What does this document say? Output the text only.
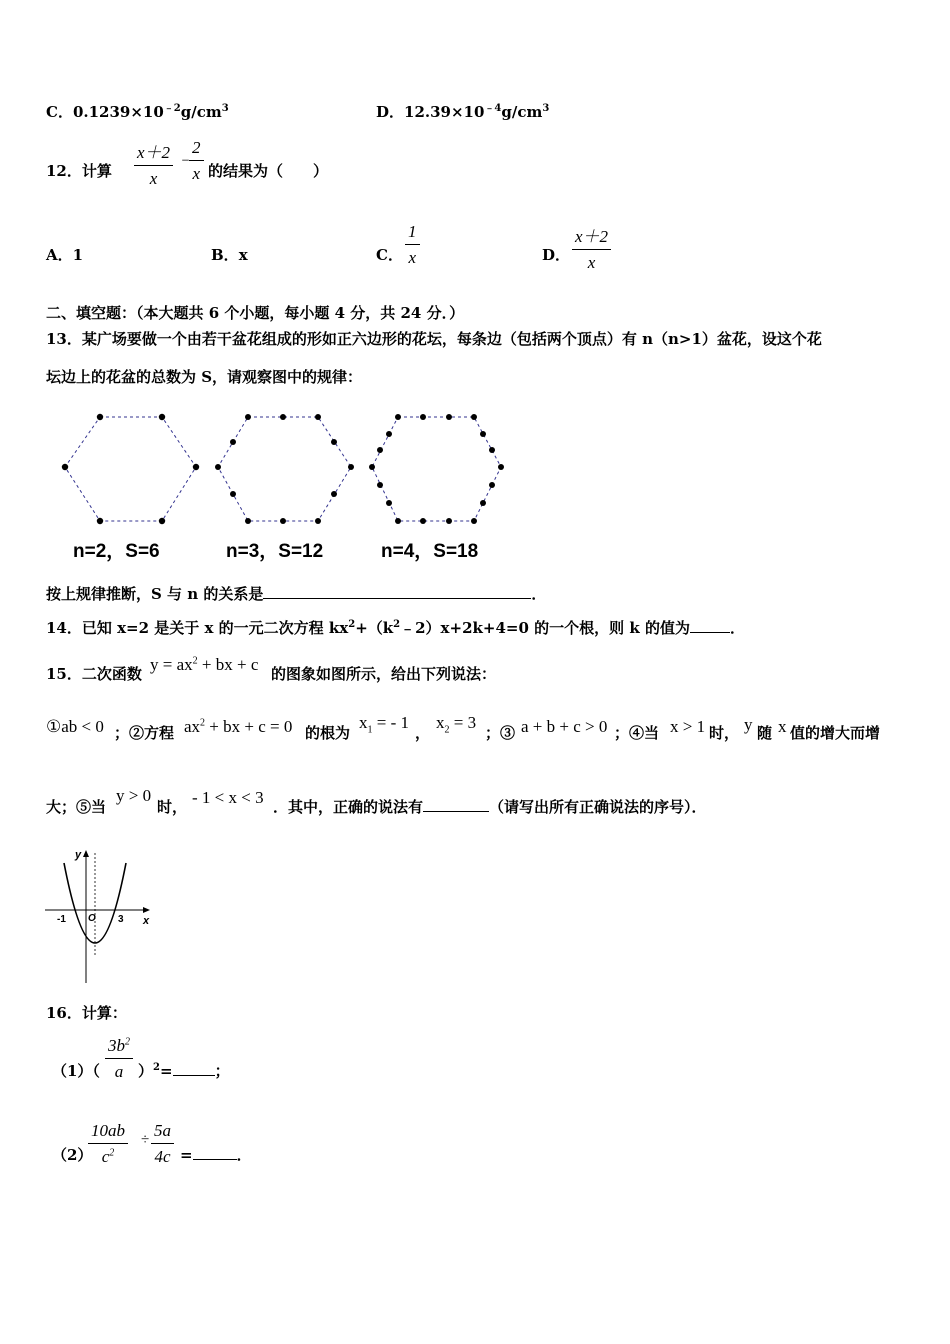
C．$0.1239\times 10^{﹣2}g/cm^3$	D．$12.39\times 10^{﹣4}g/cm^3$
12．计算 $\frac{x+2}{x}$ ﹣
$\frac{2}{x}$ 的结果为（　　）
A．1	B．x	C． $\frac{1}{x}$	D． $\frac{x+2}{x}$
二、填空题：（本大题共 6 个小题，每小题 4 分，共 24 分．）
13．某广场要做一个由若干盆花组成的形如正六边形的花坛，每条边（包括两个顶点）有 n（n>1）盆花，设这个花
坛边上的花盆的总数为 S，请观察图中的规律：
n=2，S=6	n=3，S=12	n=4，S=18
按上规律推断，S 与 n 的关系是	．
14．已知 x=2 是关于 x 的一元二次方程 $kx^2+(k^2﹣2)x+2k+4=0$ 的一个根，则 k 的值为	．
15．二次函数 $y = ax^2$ + bx + c 的图象如图所示，给出下列说法：
①ab < 0 ；②方程 $ax^2$ + bx + c = 0 的根为
$x_1$ = - 1
，
$x_2 = 3$
；③ a + b + c > 0 ；④当 x > 1 时， y 随 x 值的增大而增
大；⑤当
y > 0
时， - 1 < x < 3 ．其中，正确的说法有	（请写出所有正确说法的序号）．
y
x
O
-1	3
16．计算：
$(1)( \frac{3b^2}{a} )^2=$	；
（2）
$\frac{10ab}{c^2} \div \frac{5a}{4c}$ =	．
